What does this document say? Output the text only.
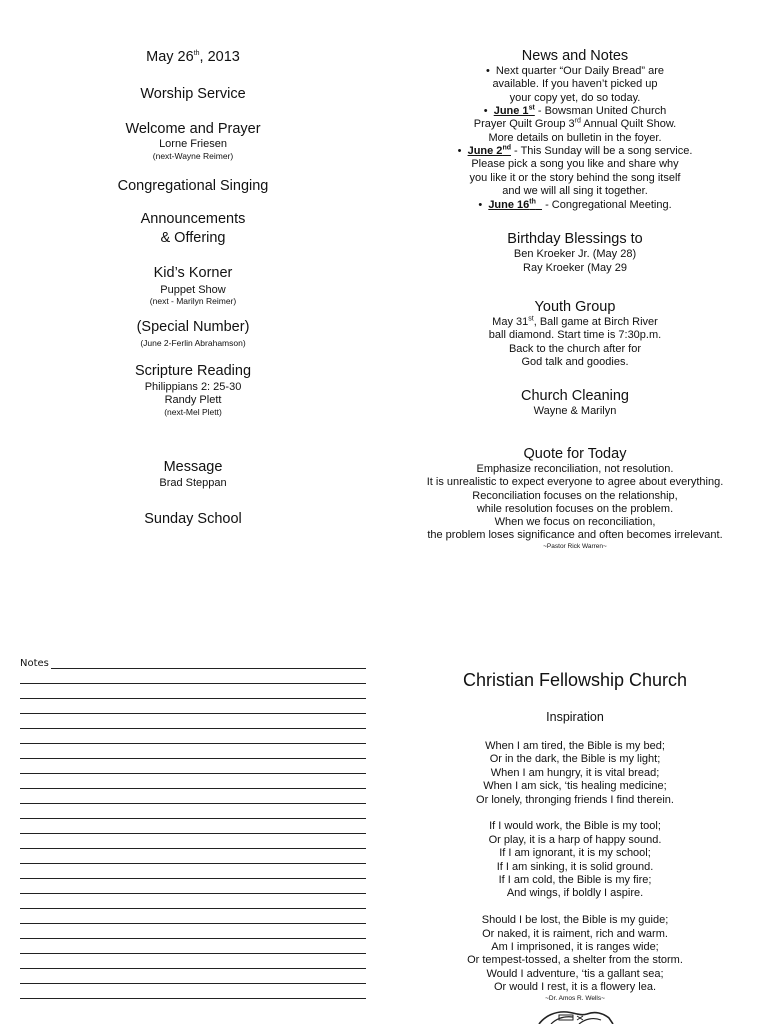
May 26th, 2013
Worship Service
Welcome and Prayer
Lorne Friesen
(next-Wayne Reimer)
Congregational Singing
Announcements
& Offering
Kid’s Korner
Puppet Show
(next - Marilyn Reimer)
(Special Number)
(June 2-Ferlin Abrahamson)
Scripture Reading
Philippians 2: 25-30
Randy Plett
(next-Mel Plett)
Message
Brad Steppan
Sunday School
News and Notes
•  Next quarter “Our Daily Bread” are
available. If you haven’t picked up
your copy yet, do so today.
•  June 1st - Bowsman United Church
Prayer Quilt Group 3rd Annual Quilt Show.
More details on bulletin in the foyer.
•  June 2nd - This Sunday will be a song service.
Please pick a song you like and share why
you like it or the story behind the song itself
and we will all sing it together.
•  June 16th   - Congregational Meeting.
Birthday Blessings to
Ben Kroeker Jr. (May 28)
Ray Kroeker (May 29
Youth Group
May 31st, Ball game at Birch River
ball diamond. Start time is 7:30p.m.
Back to the church after for
God talk and goodies.
Church Cleaning
Wayne & Marilyn
Quote for Today
Emphasize reconciliation, not resolution.
It is unrealistic to expect everyone to agree about everything.
Reconciliation focuses on the relationship,
while resolution focuses on the problem.
When we focus on reconciliation,
the problem loses significance and often becomes irrelevant.
~Pastor Rick Warren~
Notes
Christian Fellowship Church
Inspiration
When I am tired, the Bible is my bed;
Or in the dark, the Bible is my light;
When I am hungry, it is vital bread;
When I am sick, ‘tis healing medicine;
Or lonely, thronging friends I find therein.
If I would work, the Bible is my tool;
Or play, it is a harp of happy sound.
If I am ignorant, it is my school;
If I am sinking, it is solid ground.
If I am cold, the Bible is my fire;
And wings, if boldly I aspire.
Should I be lost, the Bible is my guide;
Or naked, it is raiment, rich and warm.
Am I imprisoned, it is ranges wide;
Or tempest-tossed, a shelter from the storm.
Would I adventure, ‘tis a gallant sea;
Or would I rest, it is a flowery lea.
~Dr. Amos R. Wells~
